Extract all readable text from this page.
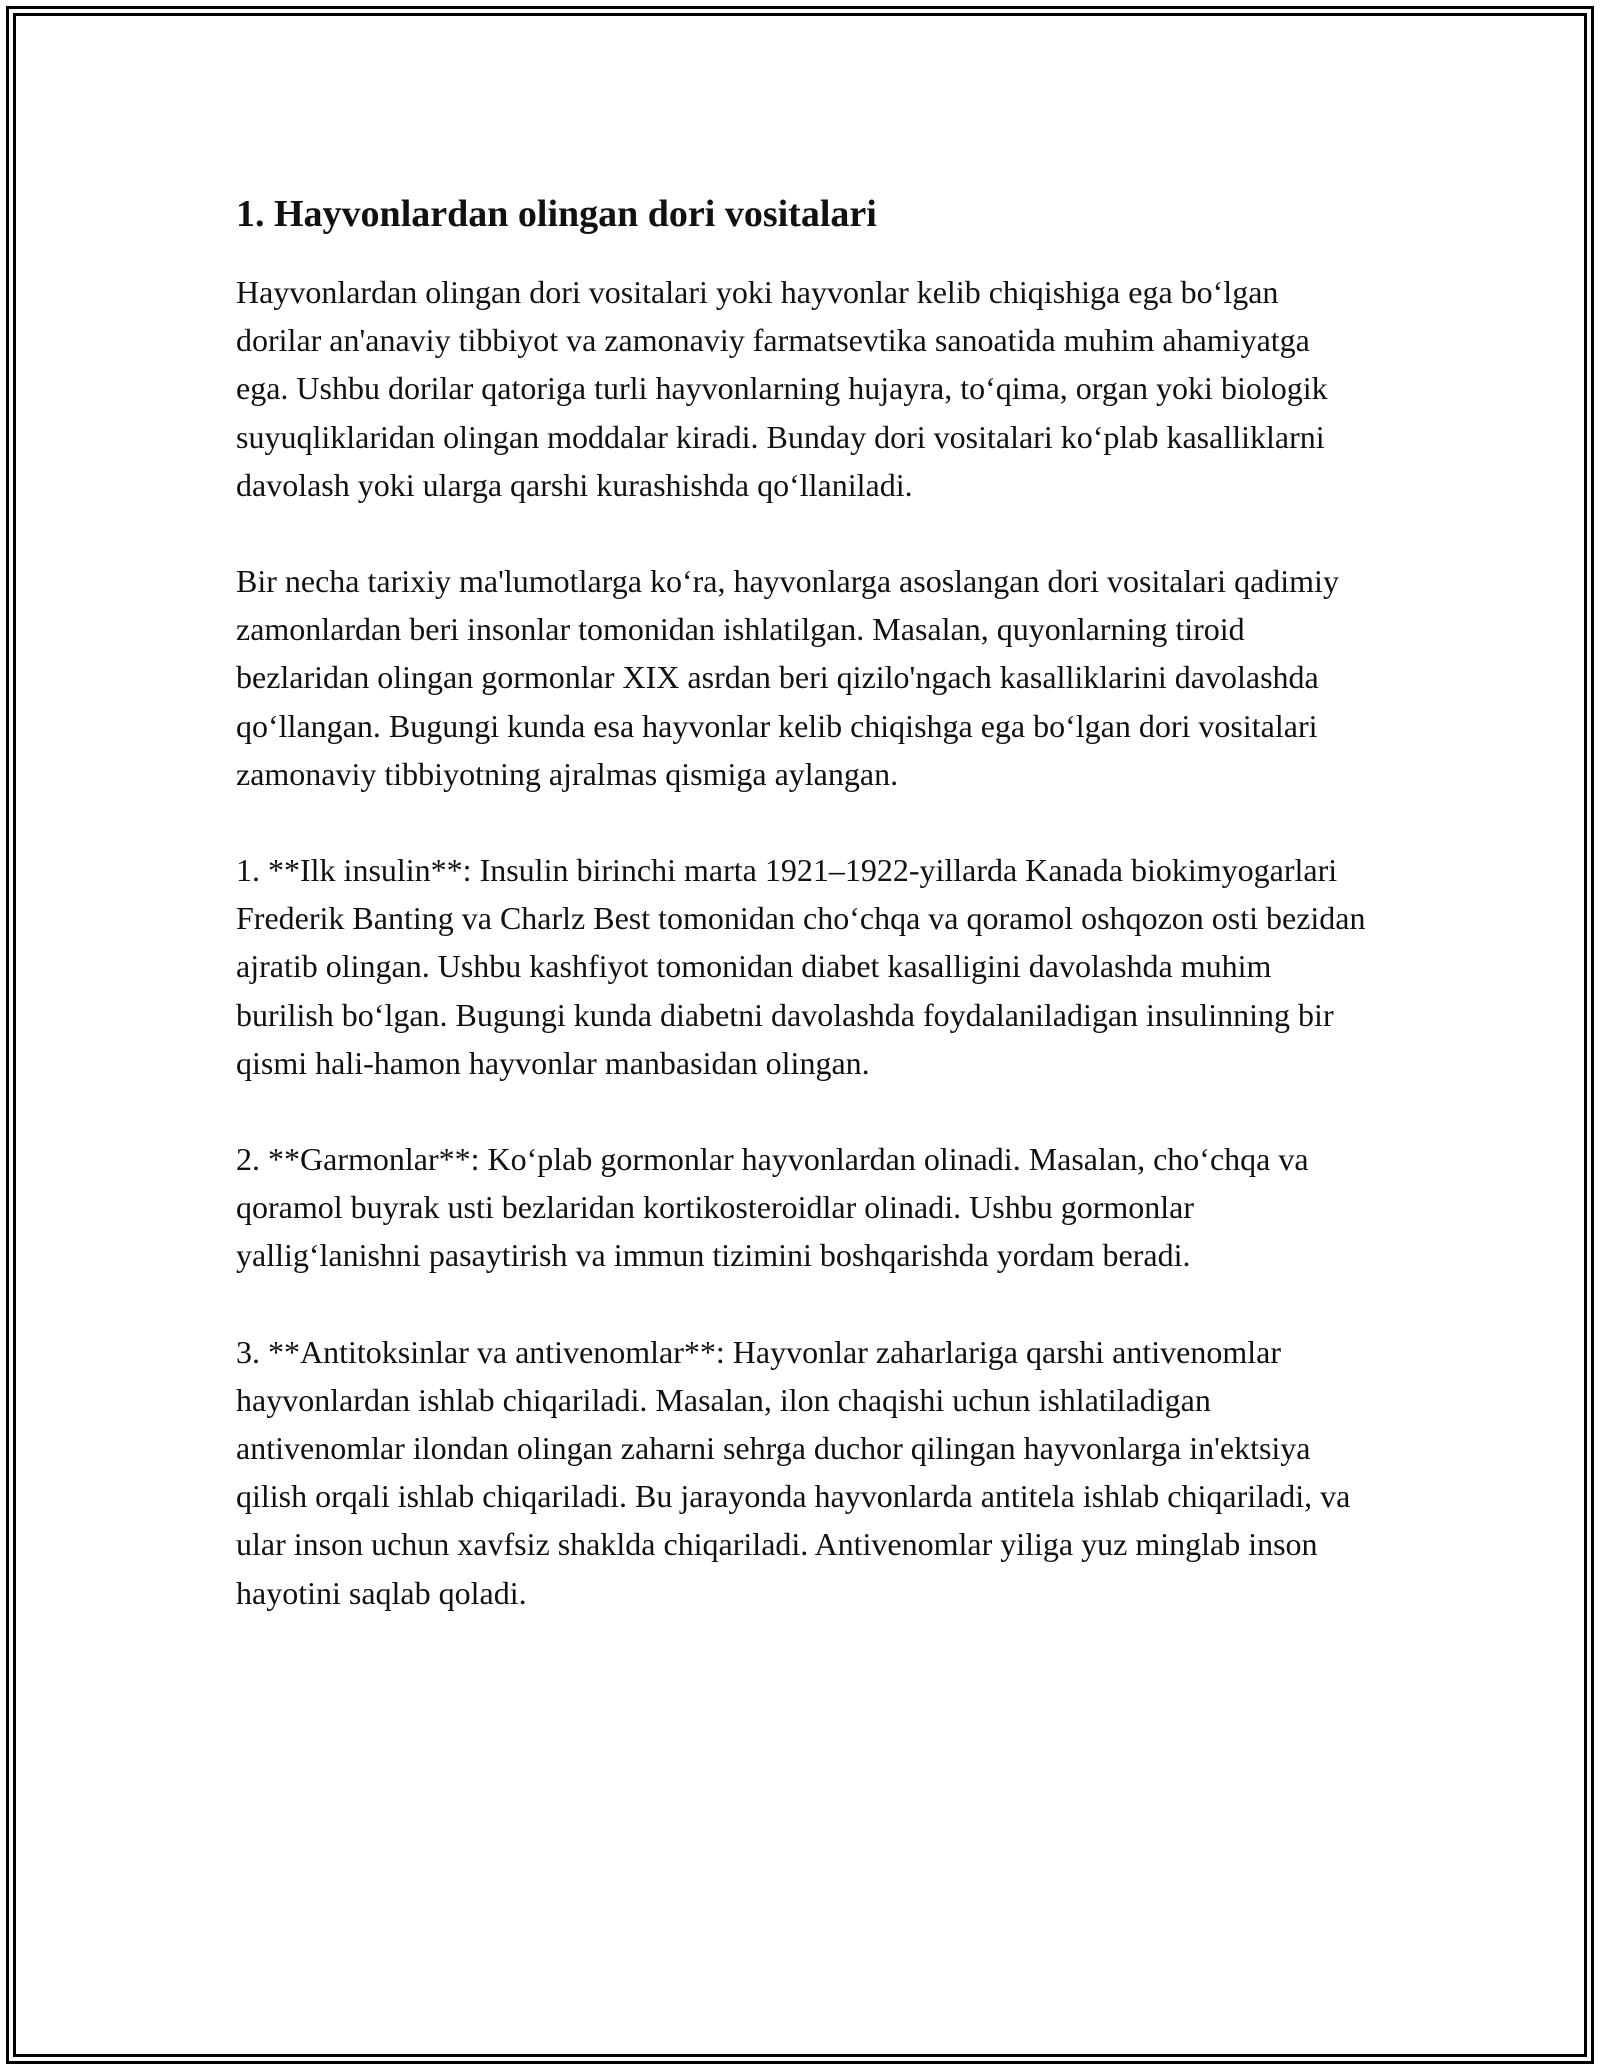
1. Hayvonlardan olingan dori vositalari

Hayvonlardan olingan dori vositalari yoki hayvonlar kelib chiqishiga ega bo‘lgan dorilar an'anaviy tibbiyot va zamonaviy farmatsevtika sanoatida muhim ahamiyatga ega. Ushbu dorilar qatoriga turli hayvonlarning hujayra, to‘qima, organ yoki biologik suyuqliklaridan olingan moddalar kiradi. Bunday dori vositalari ko‘plab kasalliklarni davolash yoki ularga qarshi kurashishda qo‘llaniladi.

Bir necha tarixiy ma'lumotlarga ko‘ra, hayvonlarga asoslangan dori vositalari qadimiy zamonlardan beri insonlar tomonidan ishlatilgan. Masalan, quyonlarning tiroid bezlaridan olingan gormonlar XIX asrdan beri qizilo'ngach kasalliklarini davolashda qo‘llangan. Bugungi kunda esa hayvonlar kelib chiqishga ega bo‘lgan dori vositalari zamonaviy tibbiyotning ajralmas qismiga aylangan.

1. **Ilk insulin**: Insulin birinchi marta 1921–1922-yillarda Kanada biokimyogarlari Frederik Banting va Charlz Best tomonidan cho‘chqa va qoramol oshqozon osti bezidan ajratib olingan. Ushbu kashfiyot tomonidan diabet kasalligini davolashda muhim burilish bo‘lgan. Bugungi kunda diabetni davolashda foydalaniladigan insulinning bir qismi hali-hamon hayvonlar manbasidan olingan.

2. **Garmonlar**: Ko‘plab gormonlar hayvonlardan olinadi. Masalan, cho‘chqa va qoramol buyrak usti bezlaridan kortikosteroidlar olinadi. Ushbu gormonlar yallig‘lanishni pasaytirish va immun tizimini boshqarishda yordam beradi.

3. **Antitoksinlar va antivenomlar**: Hayvonlar zaharlariga qarshi antivenomlar hayvonlardan ishlab chiqariladi. Masalan, ilon chaqishi uchun ishlatiladigan antivenomlar ilondan olingan zaharni sehrga duchor qilingan hayvonlarga in'ektsiya qilish orqali ishlab chiqariladi. Bu jarayonda hayvonlarda antitela ishlab chiqariladi, va ular inson uchun xavfsiz shaklda chiqariladi. Antivenomlar yiliga yuz minglab inson hayotini saqlab qoladi.
